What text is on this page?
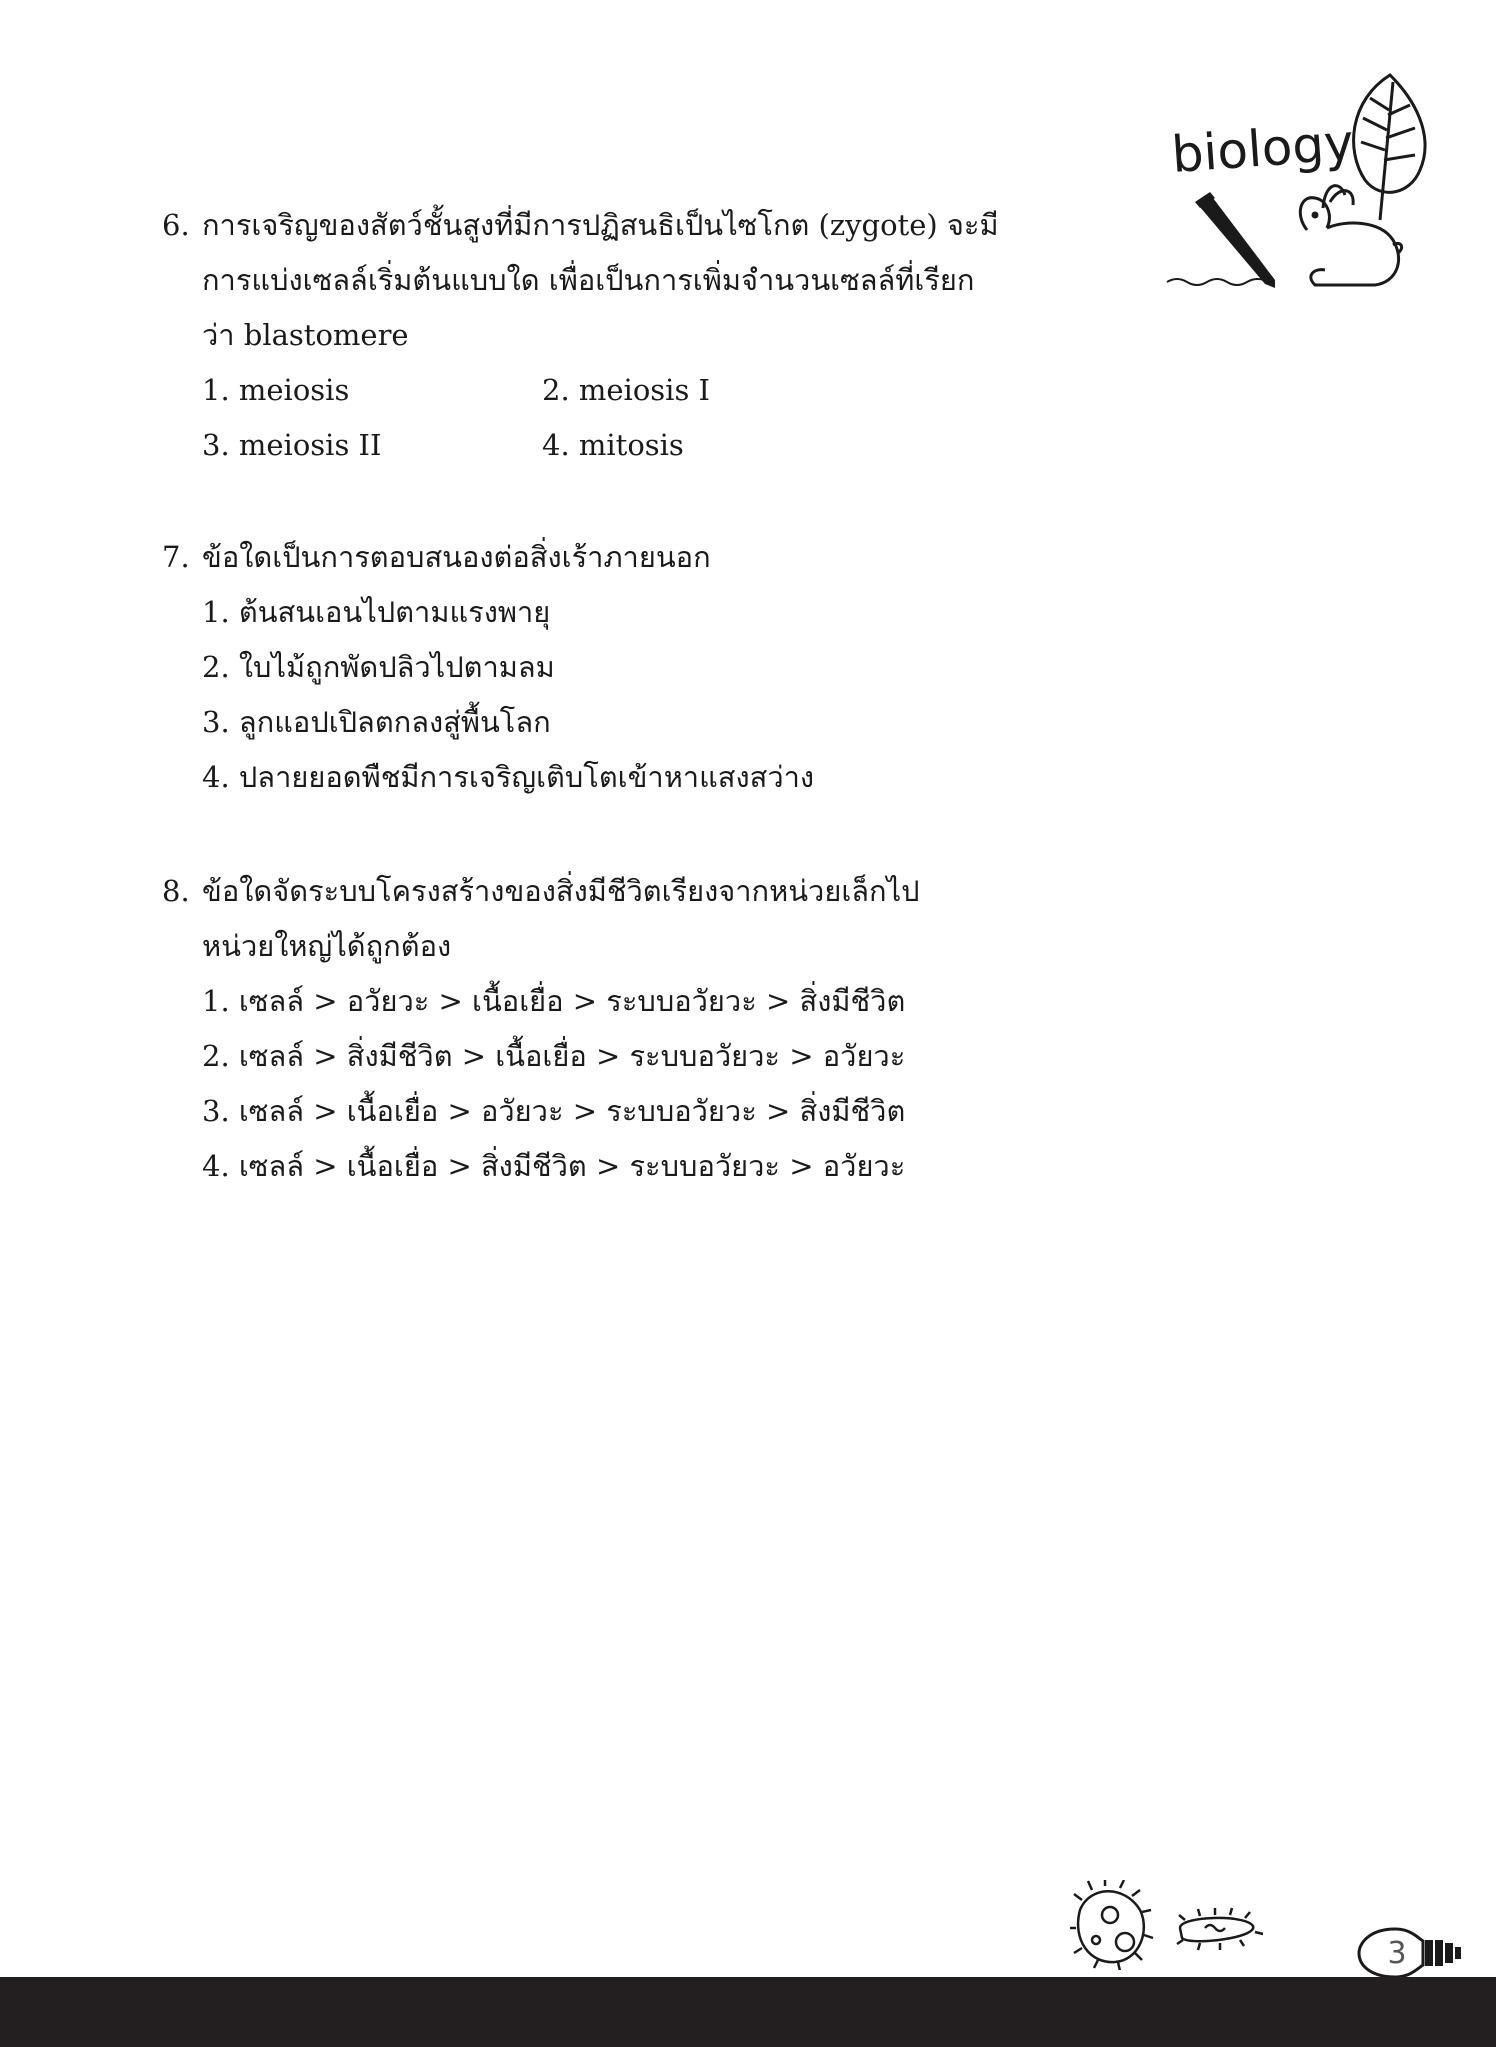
biology
6. การเจริญของสัตว์ชั้นสูงที่มีการปฏิสนธิเป็นไซโกต (zygote) จะมี
การแบ่งเซลล์เริ่มต้นแบบใด เพื่อเป็นการเพิ่มจำนวนเซลล์ที่เรียก
ว่า blastomere
1. meiosis	2. meiosis I
3. meiosis II	4. mitosis
7. ข้อใดเป็นการตอบสนองต่อสิ่งเร้าภายนอก
1. ต้นสนเอนไปตามแรงพายุ
2. ใบไม้ถูกพัดปลิวไปตามลม
3. ลูกแอปเปิลตกลงสู่พื้นโลก
4. ปลายยอดพืชมีการเจริญเติบโตเข้าหาแสงสว่าง
8. ข้อใดจัดระบบโครงสร้างของสิ่งมีชีวิตเรียงจากหน่วยเล็กไป
หน่วยใหญ่ได้ถูกต้อง
1. เซลล์ > อวัยวะ > เนื้อเยื่อ > ระบบอวัยวะ > สิ่งมีชีวิต
2. เซลล์ > สิ่งมีชีวิต > เนื้อเยื่อ > ระบบอวัยวะ > อวัยวะ
3. เซลล์ > เนื้อเยื่อ > อวัยวะ > ระบบอวัยวะ > สิ่งมีชีวิต
4. เซลล์ > เนื้อเยื่อ > สิ่งมีชีวิต > ระบบอวัยวะ > อวัยวะ
3
